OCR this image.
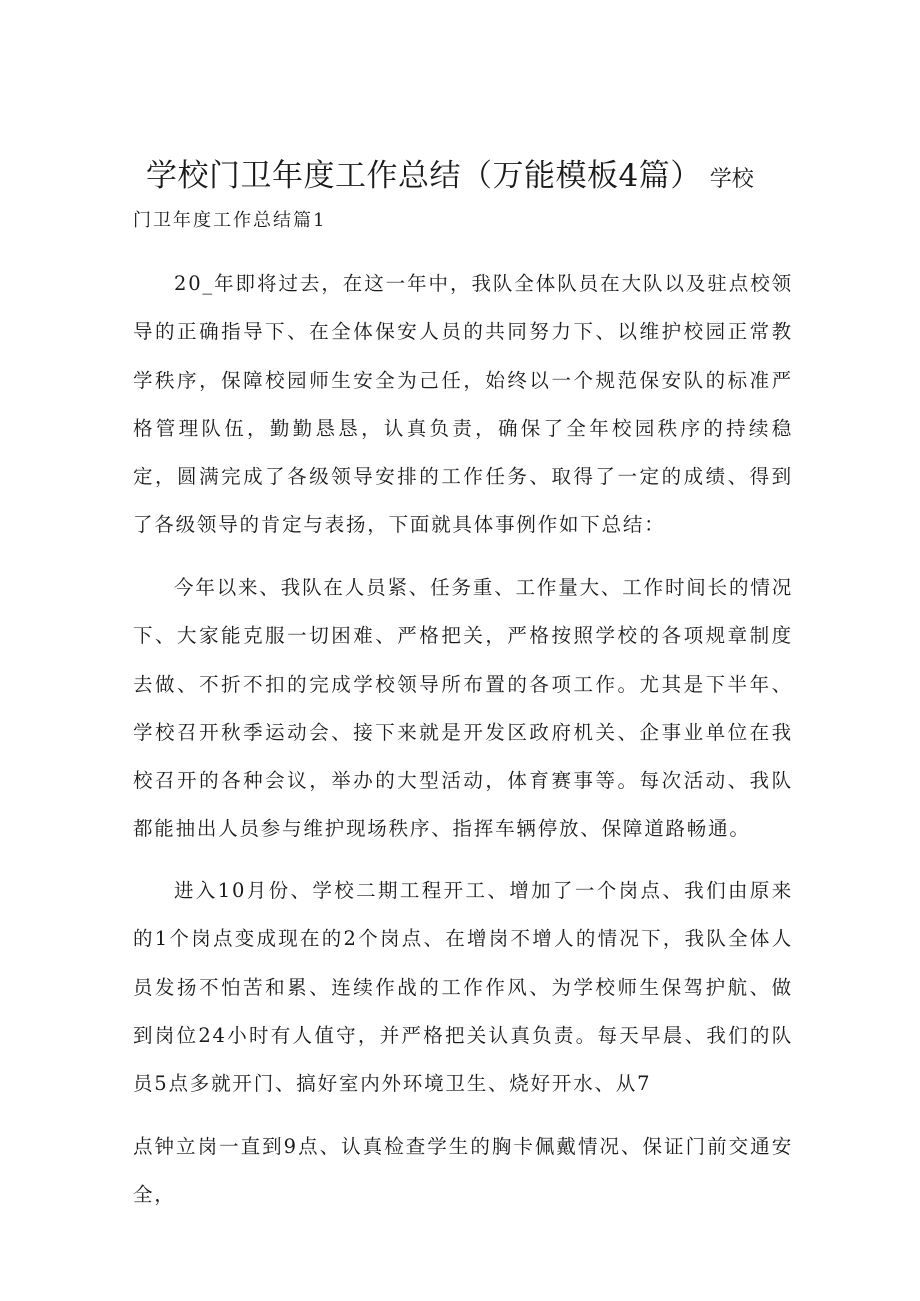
学校门卫年度工作总结（万能模板4篇） 学校
门卫年度工作总结篇1

20_年即将过去，在这一年中，我队全体队员在大队以及驻点校领导的正确指导下、在全体保安人员的共同努力下、以维护校园正常教学秩序，保障校园师生安全为己任，始终以一个规范保安队的标准严格管理队伍，勤勤恳恳，认真负责，确保了全年校园秩序的持续稳定，圆满完成了各级领导安排的工作任务、取得了一定的成绩、得到了各级领导的肯定与表扬，下面就具体事例作如下总结：

今年以来、我队在人员紧、任务重、工作量大、工作时间长的情况下、大家能克服一切困难、严格把关，严格按照学校的各项规章制度去做、不折不扣的完成学校领导所布置的各项工作。尤其是下半年、学校召开秋季运动会、接下来就是开发区政府机关、企事业单位在我校召开的各种会议，举办的大型活动，体育赛事等。每次活动、我队都能抽出人员参与维护现场秩序、指挥车辆停放、保障道路畅通。

进入10月份、学校二期工程开工、增加了一个岗点、我们由原来的1个岗点变成现在的2个岗点、在增岗不增人的情况下，我队全体人员发扬不怕苦和累、连续作战的工作作风、为学校师生保驾护航、做到岗位24小时有人值守，并严格把关认真负责。每天早晨、我们的队员5点多就开门、搞好室内外环境卫生、烧好开水、从7

点钟立岗一直到9点、认真检查学生的胸卡佩戴情况、保证门前交通安全，
